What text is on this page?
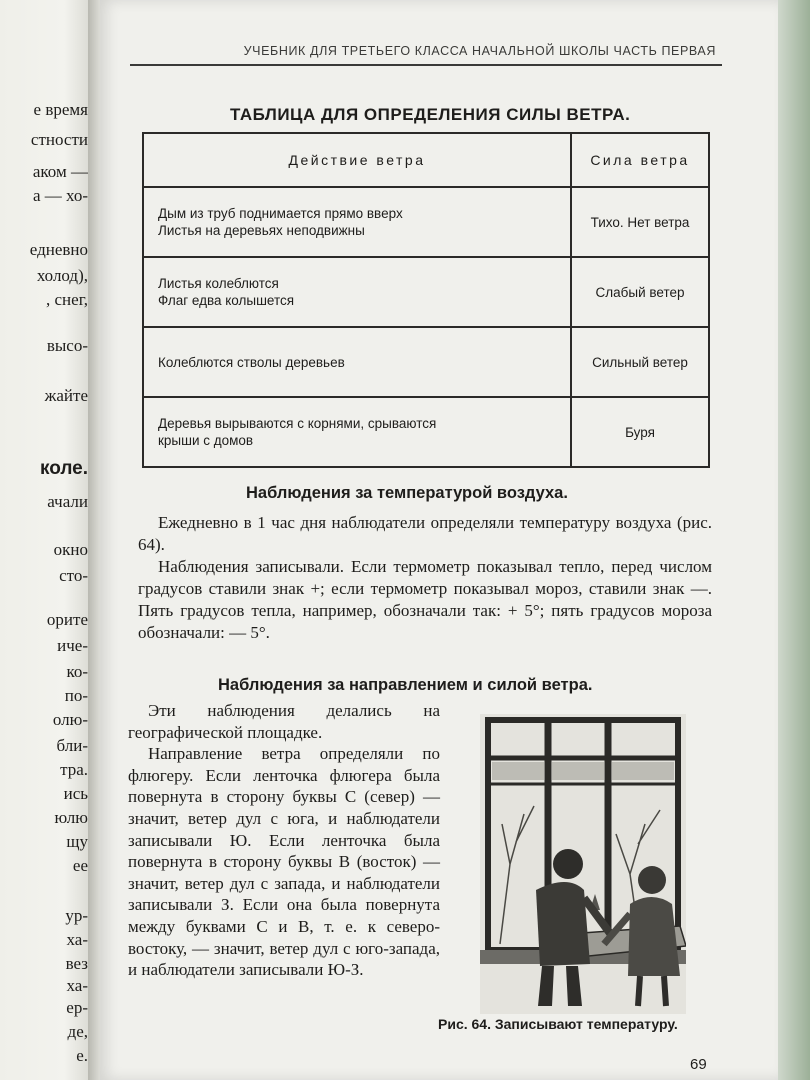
е время
стности
аком —
а — хо-
едневно
холод),
, снег,
высо-
жайте
коле.
ачали
окно
сто-
орите
иче-
ко-
по-
олю-
бли-
тра.
ись
юлю
щу
ее
ур-
ха-
вез
ха-
ер-
де,
е.
УЧЕБНИК ДЛЯ ТРЕТЬЕГО КЛАССА НАЧАЛЬНОЙ ШКОЛЫ ЧАСТЬ ПЕРВАЯ
ТАБЛИЦА ДЛЯ ОПРЕДЕЛЕНИЯ СИЛЫ ВЕТРА.
Действие ветра	Сила ветра
Дым из труб поднимается прямо вверх
Листья на деревьях неподвижны	Тихо. Нет ветра
Листья колеблются
Флаг едва колышется	Слабый ветер
Колеблются стволы деревьев	Сильный ветер
Деревья вырываются с корнями, срываются
крыши с домов	Буря
Наблюдения за температурой воздуха.

Ежедневно в 1 час дня наблюдатели определяли температуру воздуха (рис. 64).

Наблюдения записывали. Если термометр показывал тепло, перед числом градусов ставили знак +; если термометр показывал мороз, ставили знак —. Пять градусов тепла, например, обозначали так: + 5°; пять градусов мороза обозначали: — 5°.

Наблюдения за направлением и силой ветра.

Эти наблюдения делались на географической площадке.

Направление ветра определяли по флюгеру. Если ленточка флюгера была повернута в сторону буквы С (север) — значит, ветер дул с юга, и наблюдатели записывали Ю. Если ленточка была повернута в сторону буквы В (восток) — значит, ветер дул с запада, и наблюдатели записывали З. Если она была повернута между буквами С и В, т. е. к северо-востоку, — значит, ветер дул с юго-запада, и наблюдатели записывали Ю-З.

Рис. 64. Записывают температуру.
69
